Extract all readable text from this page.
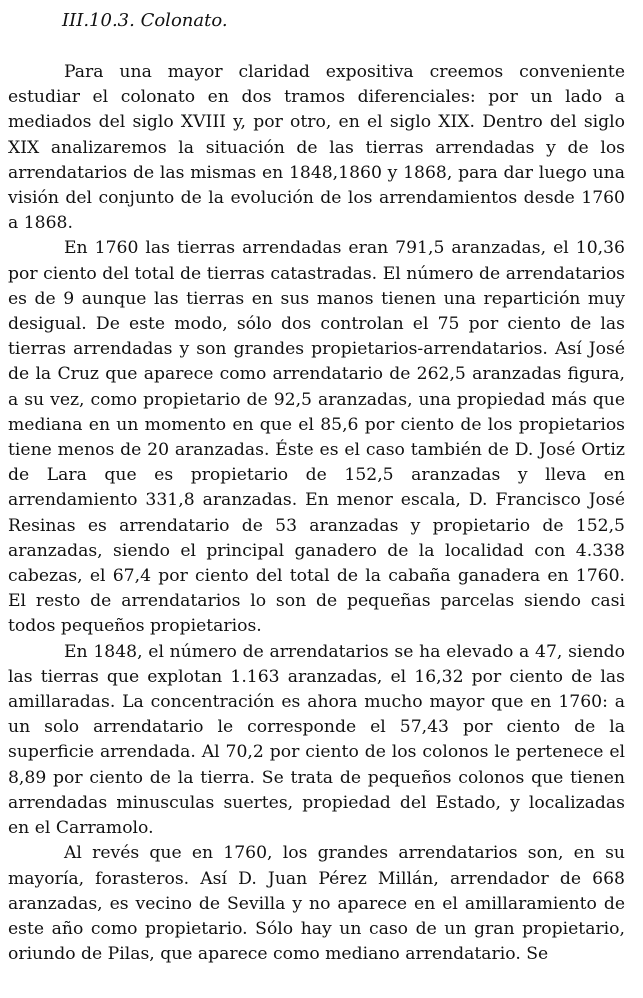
III.10.3. Colonato.

Para una mayor claridad expositiva creemos conveniente estudiar el colonato en dos tramos diferenciales: por un lado a mediados del siglo XVIII y, por otro, en el siglo XIX. Dentro del siglo XIX analizaremos la situación de las tierras arrendadas y de los arrendatarios de las mismas en 1848,1860 y 1868, para dar luego una visión del conjunto de la evolución de los arrendamientos desde 1760 a 1868.

En 1760 las tierras arrendadas eran 791,5 aranzadas, el 10,36 por ciento del total de tierras catastradas. El número de arrendatarios es de 9 aunque las tierras en sus manos tienen una repartición muy desigual. De este modo, sólo dos controlan el 75 por ciento de las tierras arrendadas y son grandes propietarios-arrendatarios. Así José de la Cruz que aparece como arrendatario de 262,5 aranzadas figura, a su vez, como propietario de 92,5 aranzadas, una propiedad más que mediana en un momento en que el 85,6 por ciento de los propietarios tiene menos de 20 aranzadas. Éste es el caso también de D. José Ortiz de Lara que es propietario de 152,5 aranzadas y lleva en arrendamiento 331,8 aranzadas. En menor escala, D. Francisco José Resinas es arrendatario de 53 aranzadas y propietario de 152,5 aranzadas, siendo el principal ganadero de la localidad con 4.338 cabezas, el 67,4 por ciento del total de la cabaña ganadera en 1760. El resto de arrendatarios lo son de pequeñas parcelas siendo casi todos pequeños propietarios.

En 1848, el número de arrendatarios se ha elevado a 47, siendo las tierras que explotan 1.163 aranzadas, el 16,32 por ciento de las amillaradas. La concentración es ahora mucho mayor que en 1760: a un solo arrendatario le corresponde el 57,43 por ciento de la superficie arrendada. Al 70,2 por ciento de los colonos le pertenece el 8,89 por ciento de la tierra. Se trata de pequeños colonos que tienen arrendadas minusculas suertes, propiedad del Estado, y localizadas en el Carramolo.

Al revés que en 1760, los grandes arrendatarios son, en su mayoría, forasteros. Así D. Juan Pérez Millán, arrendador de 668 aranzadas, es vecino de Sevilla y no aparece en el amillaramiento de este año como propietario. Sólo hay un caso de un gran propietario, oriundo de Pilas, que aparece como mediano arrendatario. Se
